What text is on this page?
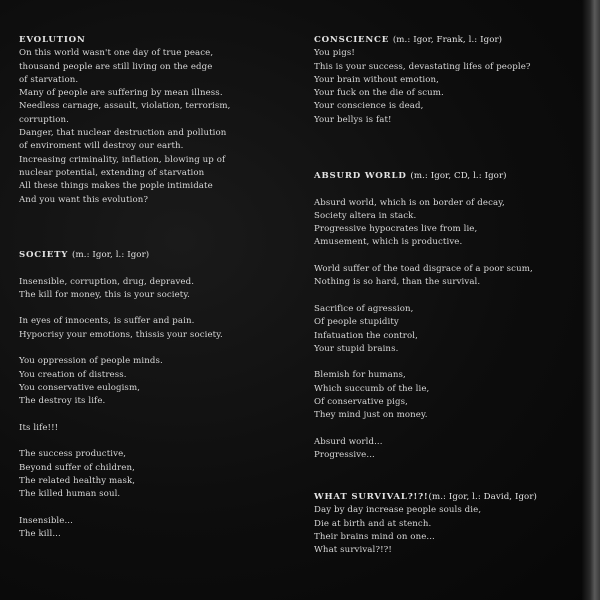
EVOLUTION
On this world wasn't one day of true peace,
thousand people are still living on the edge
of starvation.
Many of people are suffering by mean illness.
Needless carnage, assault, violation, terrorism,
corruption.
Danger, that nuclear destruction and pollution
of enviroment will destroy our earth.
Increasing criminality, inflation, blowing up of
nuclear potential, extending of starvation
All these things makes the pople intimidate
And you want this evolution?
SOCIETY (m.: Igor, l.: Igor)
Insensible, corruption, drug, depraved.
The kill for money, this is your society.
In eyes of innocents, is suffer and pain.
Hypocrisy your emotions, thissis your society.
You oppression of people minds.
You creation of distress.
You conservative eulogism,
The destroy its life.
Its life!!!
The success productive,
Beyond suffer of children,
The related healthy mask,
The killed human soul.
Insensible...
The kill...
CONSCIENCE (m.: Igor, Frank, l.: Igor)
You pigs!
This is your success, devastating lifes of people?
Your brain without emotion,
Your fuck on the die of scum.
Your conscience is dead,
Your bellys is fat!
ABSURD WORLD (m.: Igor, CD, l.: Igor)
Absurd world, which is on border of decay,
Society altera in stack.
Progressive hypocrates live from lie,
Amusement, which is productive.
World suffer of the toad disgrace of a poor scum,
Nothing is so hard, than the survival.
Sacrifice of agression,
Of people stupidity
Infatuation the control,
Your stupid brains.
Blemish for humans,
Which succumb of the lie,
Of conservative pigs,
They mind just on money.
Absurd world...
Progressive...
WHAT SURVIVAL?!?!(m.: Igor, l.: David, Igor)
Day by day increase people souls die,
Die at birth and at stench.
Their brains mind on one...
What survival?!?!
